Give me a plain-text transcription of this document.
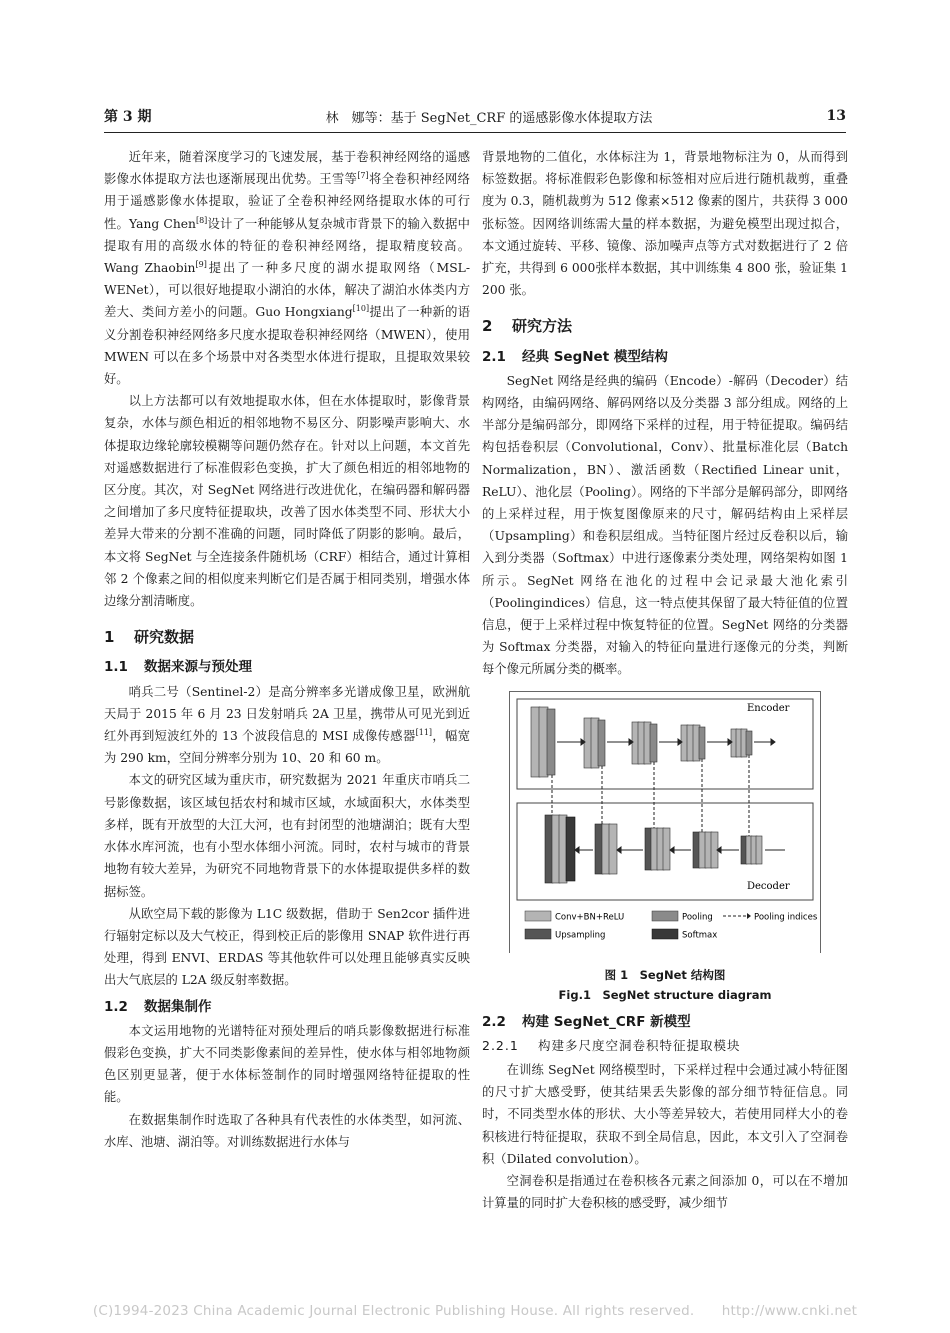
第 3 期	林　娜等：基于 SegNet_CRF 的遥感影像水体提取方法	13

近年来，随着深度学习的飞速发展，基于卷积神经网络的遥感影像水体提取方法也逐渐展现出优势。王雪等[7]将全卷积神经网络用于遥感影像水体提取，验证了全卷积神经网络提取水体的可行性。Yang Chen[8]设计了一种能够从复杂城市背景下的输入数据中提取有用的高级水体的特征的卷积神经网络，提取精度较高。Wang Zhaobin[9]提出了一种多尺度的湖水提取网络（MSL-WENet），可以很好地提取小湖泊的水体，解决了湖泊水体类内方差大、类间方差小的问题。Guo Hongxiang[10]提出了一种新的语义分割卷积神经网络多尺度水提取卷积神经网络（MWEN），使用 MWEN 可以在多个场景中对各类型水体进行提取，且提取效果较好。

以上方法都可以有效地提取水体，但在水体提取时，影像背景复杂，水体与颜色相近的相邻地物不易区分、阴影噪声影响大、水体提取边缘轮廓较模糊等问题仍然存在。针对以上问题，本文首先对遥感数据进行了标准假彩色变换，扩大了颜色相近的相邻地物的区分度。其次，对 SegNet 网络进行改进优化，在编码器和解码器之间增加了多尺度特征提取块，改善了因水体类型不同、形状大小差异大带来的分割不准确的问题，同时降低了阴影的影响。最后，本文将 SegNet 与全连接条件随机场（CRF）相结合，通过计算相邻 2 个像素之间的相似度来判断它们是否属于相同类别，增强水体边缘分割清晰度。

1 研究数据
1.1 数据来源与预处理

哨兵二号（Sentinel-2）是高分辨率多光谱成像卫星，欧洲航天局于 2015 年 6 月 23 日发射哨兵 2A 卫星，携带从可见光到近红外再到短波红外的 13 个波段信息的 MSI 成像传感器[11]，幅宽为 290 km，空间分辨率分别为 10、20 和 60 m。

本文的研究区域为重庆市，研究数据为 2021 年重庆市哨兵二号影像数据，该区域包括农村和城市区域，水域面积大，水体类型多样，既有开放型的大江大河，也有封闭型的池塘湖泊；既有大型水体水库河流，也有小型水体细小河流。同时，农村与城市的背景地物有较大差异，为研究不同地物背景下的水体提取提供多样的数据标签。

从欧空局下载的影像为 L1C 级数据，借助于 Sen2cor 插件进行辐射定标以及大气校正，得到校正后的影像用 SNAP 软件进行再处理，得到 ENVI、ERDAS 等其他软件可以处理且能够真实反映出大气底层的 L2A 级反射率数据。

1.2 数据集制作

本文运用地物的光谱特征对预处理后的哨兵影像数据进行标准假彩色变换，扩大不同类影像素间的差异性，使水体与相邻地物颜色区别更显著，便于水体标签制作的同时增强网络特征提取的性能。

在数据集制作时选取了各种具有代表性的水体类型，如河流、水库、池塘、湖泊等。对训练数据进行水体与

背景地物的二值化，水体标注为 1，背景地物标注为 0，从而得到标签数据。将标准假彩色影像和标签相对应后进行随机裁剪，重叠度为 0.3，随机裁剪为 512 像素×512 像素的图片，共获得 3 000 张标签。因网络训练需大量的样本数据，为避免模型出现过拟合，本文通过旋转、平移、镜像、添加噪声点等方式对数据进行了 2 倍扩充，共得到 6 000张样本数据，其中训练集 4 800 张，验证集 1 200 张。

2 研究方法
2.1 经典 SegNet 模型结构

SegNet 网络是经典的编码（Encode）-解码（Decoder）结构网络，由编码网络、解码网络以及分类器 3 部分组成。网络的上半部分是编码部分，即网络下采样的过程，用于特征提取。编码结构包括卷积层（Convolutional，Conv）、批量标准化层（Batch Normalization，BN）、激活函数（Rectified Linear unit，ReLU）、池化层（Pooling）。网络的下半部分是解码部分，即网络的上采样过程，用于恢复图像原来的尺寸，解码结构由上采样层（Upsampling）和卷积层组成。当特征图片经过反卷积以后，输入到分类器（Softmax）中进行逐像素分类处理，网络架构如图 1 所示。SegNet 网络在池化的过程中会记录最大池化索引（Poolingindices）信息，这一特点使其保留了最大特征值的位置信息，便于上采样过程中恢复特征的位置。SegNet 网络的分类器为 Softmax 分类器，对输入的特征向量进行逐像元的分类，判断每个像元所属分类的概率。

Encoder
Decoder
Conv+BN+ReLU	Pooling	Pooling indices
Upsampling	Softmax
图 1　SegNet 结构图
Fig.1　SegNet structure diagram
2.2 构建 SegNet_CRF 新模型
2.2.1 构建多尺度空洞卷积特征提取模块

在训练 SegNet 网络模型时，下采样过程中会通过减小特征图的尺寸扩大感受野，使其结果丢失影像的部分细节特征信息。同时，不同类型水体的形状、大小等差异较大，若使用同样大小的卷积核进行特征提取，获取不到全局信息，因此，本文引入了空洞卷积（Dilated convolution）。

空洞卷积是指通过在卷积核各元素之间添加 0，可以在不增加计算量的同时扩大卷积核的感受野，减少细节

(C)1994-2023 China Academic Journal Electronic Publishing House. All rights reserved.　　http://www.cnki.net
